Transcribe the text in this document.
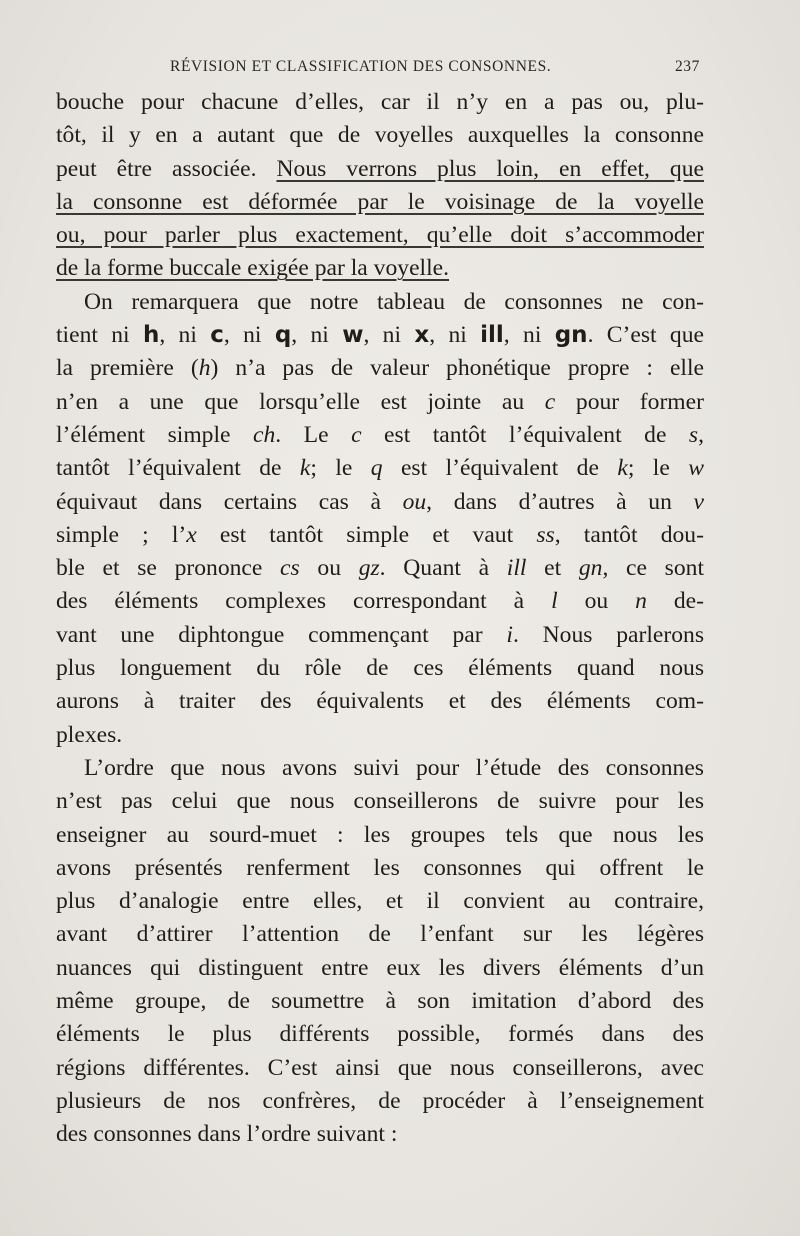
RÉVISION ET CLASSIFICATION DES CONSONNES.	237
bouche pour chacune d’elles, car il n’y en a pas ou, plu-
tôt, il y en a autant que de voyelles auxquelles la consonne
peut être associée. Nous verrons plus loin, en effet, que
la consonne est déformée par le voisinage de la voyelle
ou, pour parler plus exactement, qu’elle doit s’accommoder
de la forme buccale exigée par la voyelle.
On remarquera que notre tableau de consonnes ne con-
tient ni h, ni c, ni q, ni w, ni x, ni ill, ni gn. C’est que
la première (h) n’a pas de valeur phonétique propre : elle
n’en a une que lorsqu’elle est jointe au c pour former
l’élément simple ch. Le c est tantôt l’équivalent de s,
tantôt l’équivalent de k; le q est l’équivalent de k; le w
équivaut dans certains cas à ou, dans d’autres à un v
simple ; l’x est tantôt simple et vaut ss, tantôt dou-
ble et se prononce cs ou gz. Quant à ill et gn, ce sont
des éléments complexes correspondant à l ou n de-
vant une diphtongue commençant par i. Nous parlerons
plus longuement du rôle de ces éléments quand nous
aurons à traiter des équivalents et des éléments com-
plexes.
L’ordre que nous avons suivi pour l’étude des consonnes
n’est pas celui que nous conseillerons de suivre pour les
enseigner au sourd-muet : les groupes tels que nous les
avons présentés renferment les consonnes qui offrent le
plus d’analogie entre elles, et il convient au contraire,
avant d’attirer l’attention de l’enfant sur les légères
nuances qui distinguent entre eux les divers éléments d’un
même groupe, de soumettre à son imitation d’abord des
éléments le plus différents possible, formés dans des
régions différentes. C’est ainsi que nous conseillerons, avec
plusieurs de nos confrères, de procéder à l’enseignement
des consonnes dans l’ordre suivant :
